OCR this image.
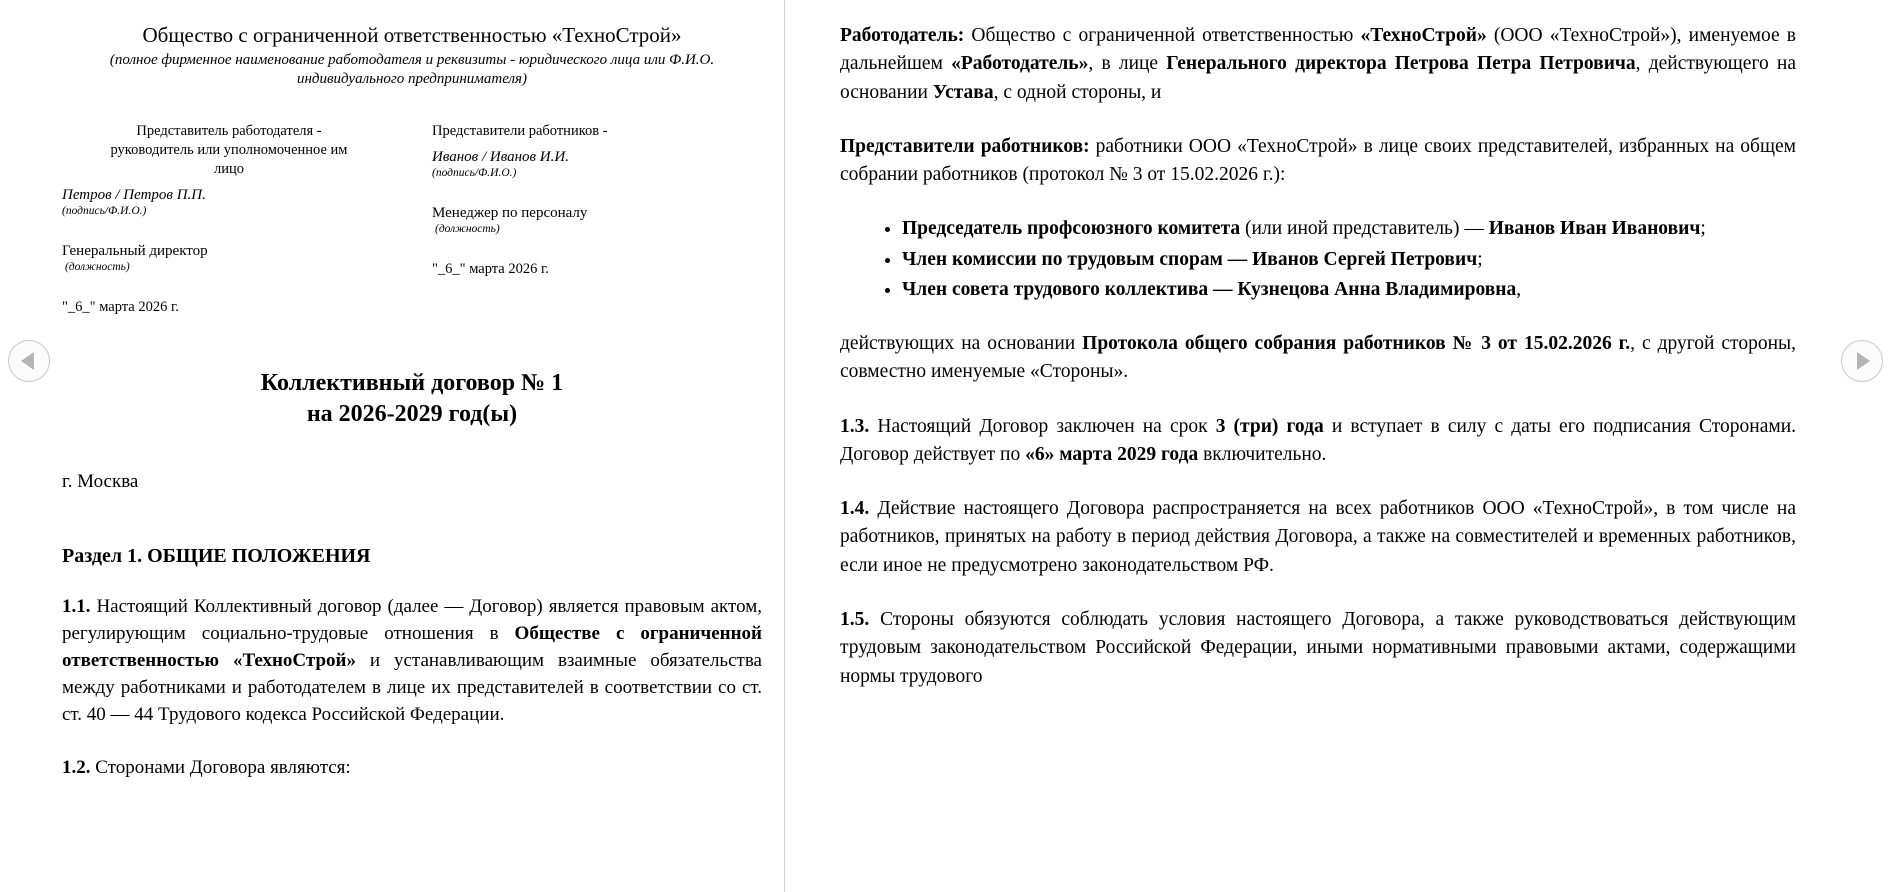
Общество с ограниченной ответственностью «ТехноСтрой»
(полное фирменное наименование работодателя и реквизиты - юридического лица или Ф.И.О. индивидуального предпринимателя)

Представитель работодателя - руководитель или уполномоченное им лицо

Петров / Петров П.П.

(подпись/Ф.И.О.)

Генеральный директор

(должность)

"_6_" марта 2026 г.

Представители работников -

Иванов / Иванов И.И.

(подпись/Ф.И.О.)

Менеджер по персоналу

(должность)

"_6_" марта 2026 г.

Коллективный договор № 1
на 2026-2029 год(ы)

г. Москва

Раздел 1. ОБЩИЕ ПОЛОЖЕНИЯ

1.1. Настоящий Коллективный договор (далее — Договор) является правовым актом, регулирующим социально-трудовые отношения в Обществе с ограниченной ответственностью «ТехноСтрой» и устанавливающим взаимные обязательства между работниками и работодателем в лице их представителей в соответствии со ст. ст. 40 — 44 Трудового кодекса Российской Федерации.

1.2. Сторонами Договора являются:

Работодатель: Общество с ограниченной ответственностью «ТехноСтрой» (ООО «ТехноСтрой»), именуемое в дальнейшем «Работодатель», в лице Генерального директора Петрова Петра Петровича, действующего на основании Устава, с одной стороны, и

Представители работников: работники ООО «ТехноСтрой» в лице своих представителей, избранных на общем собрании работников (протокол № 3 от 15.02.2026 г.):

• Председатель профсоюзного комитета (или иной представитель) — Иванов Иван Иванович;
• Член комиссии по трудовым спорам — Иванов Сергей Петрович;
• Член совета трудового коллектива — Кузнецова Анна Владимировна,

действующих на основании Протокола общего собрания работников № 3 от 15.02.2026 г., с другой стороны, совместно именуемые «Стороны».

1.3. Настоящий Договор заключен на срок 3 (три) года и вступает в силу с даты его подписания Сторонами. Договор действует по «6» марта 2029 года включительно.

1.4. Действие настоящего Договора распространяется на всех работников ООО «ТехноСтрой», в том числе на работников, принятых на работу в период действия Договора, а также на совместителей и временных работников, если иное не предусмотрено законодательством РФ.

1.5. Стороны обязуются соблюдать условия настоящего Договора, а также руководствоваться действующим трудовым законодательством Российской Федерации, иными нормативными правовыми актами, содержащими нормы трудового
